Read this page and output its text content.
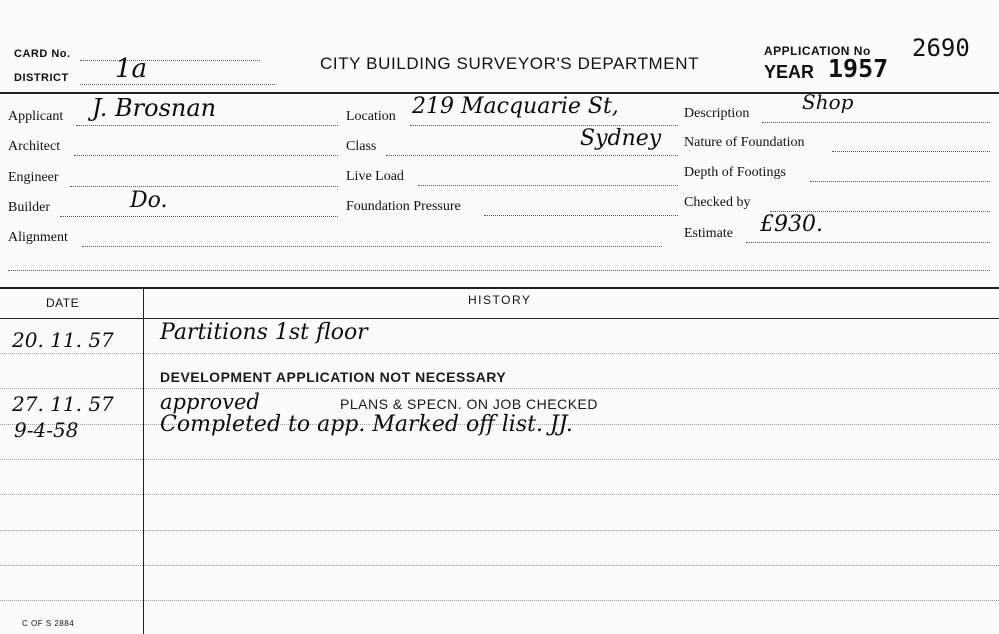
CARD No.
DISTRICT 1a	CITY BUILDING SURVEYOR'S DEPARTMENT
APPLICATION No 2690
YEAR 1957
Applicant J. Brosnan
Architect
Engineer
Builder	Do.
Alignment
Location 219 Macquarie St,
Sydney
Class
Live Load
Foundation Pressure
Description	Shop
Nature of Foundation
Depth of Footings
Checked by
Estimate £930.
DATE	HISTORY
20. 11. 57 Partitions 1st floor
DEVELOPMENT APPLICATION NOT NECESSARY
27. 11. 57 approved	PLANS & SPECN. ON JOB CHECKED
9-4-58	Completed to app. Marked off list. JJ.
C OF S 2884
